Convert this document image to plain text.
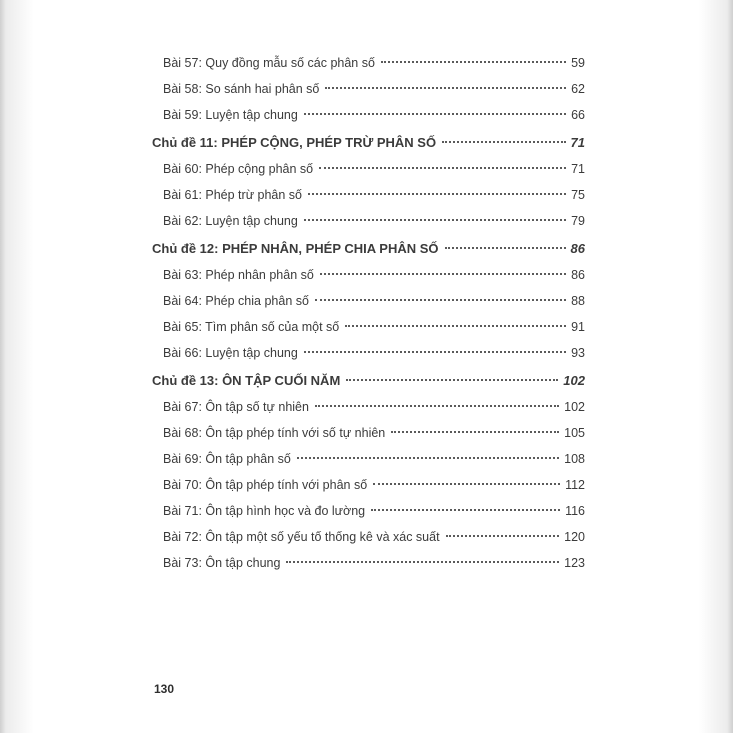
Bài 57: Quy đồng mẫu số các phân số	59
Bài 58: So sánh hai phân số	62
Bài 59: Luyện tập chung	66
Chủ đề 11: PHÉP CỘNG, PHÉP TRỪ PHÂN SỐ	71
Bài 60: Phép cộng phân số	71
Bài 61: Phép trừ phân số	75
Bài 62: Luyện tập chung	79
Chủ đề 12: PHÉP NHÂN, PHÉP CHIA PHÂN SỐ	86
Bài 63: Phép nhân phân số	86
Bài 64: Phép chia phân số	88
Bài 65: Tìm phân số của một số	91
Bài 66: Luyện tập chung	93
Chủ đề 13: ÔN TẬP CUỐI NĂM	102
Bài 67: Ôn tập số tự nhiên	102
Bài 68: Ôn tập phép tính với số tự nhiên	105
Bài 69: Ôn tập phân số	108
Bài 70: Ôn tập phép tính với phân số	112
Bài 71: Ôn tập hình học và đo lường	116
Bài 72: Ôn tập một số yếu tố thống kê và xác suất	120
Bài 73: Ôn tập chung	123
130
